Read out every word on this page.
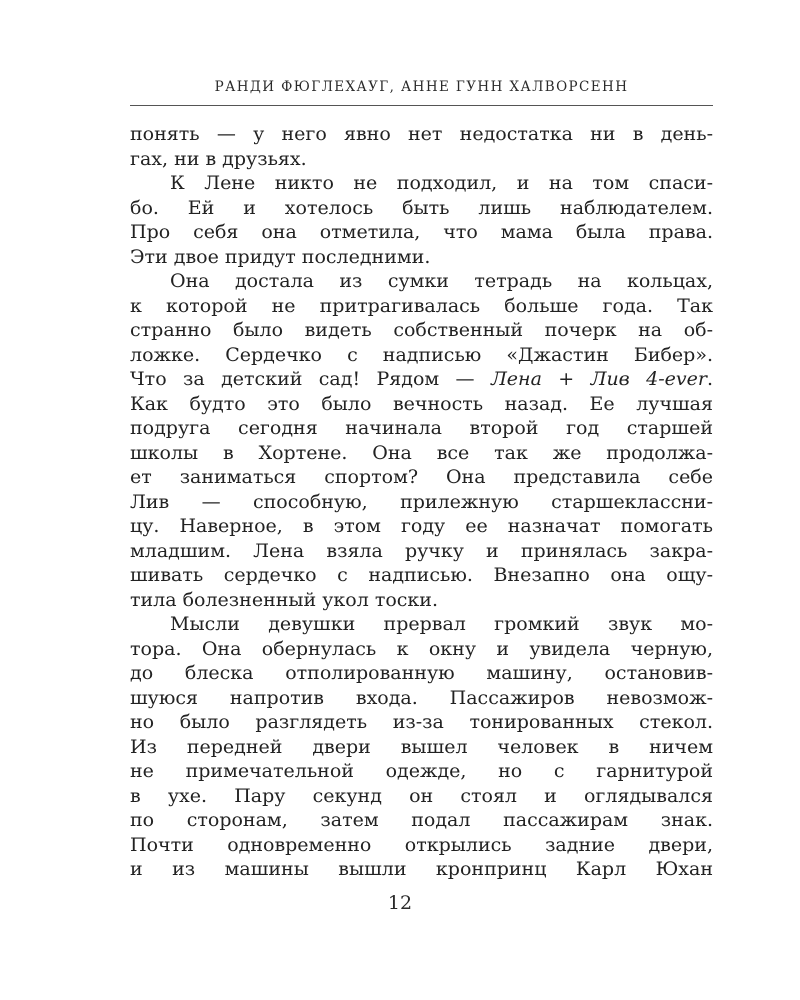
РАНДИ ФЮГЛЕХАУГ, АННЕ ГУНН ХАЛВОРСЕНН
понять — у него явно нет недостатка ни в день-
гах, ни в друзьях.
К Лене никто не подходил, и на том спаси-
бо. Ей и хотелось быть лишь наблюдателем.
Про себя она отметила, что мама была права.
Эти двое придут последними.
Она достала из сумки тетрадь на кольцах,
к которой не притрагивалась больше года. Так
странно было видеть собственный почерк на об-
ложке. Сердечко с надписью «Джастин Бибер».
Что за детский сад! Рядом — Лена + Лив 4-ever.
Как будто это было вечность назад. Ее лучшая
подруга сегодня начинала второй год старшей
школы в Хортене. Она все так же продолжа-
ет заниматься спортом? Она представила себе
Лив — способную, прилежную старшеклассни-
цу. Наверное, в этом году ее назначат помогать
младшим. Лена взяла ручку и принялась закра-
шивать сердечко с надписью. Внезапно она ощу-
тила болезненный укол тоски.
Мысли девушки прервал громкий звук мо-
тора. Она обернулась к окну и увидела черную,
до блеска отполированную машину, остановив-
шуюся напротив входа. Пассажиров невозмож-
но было разглядеть из-за тонированных стекол.
Из передней двери вышел человек в ничем
не примечательной одежде, но с гарнитурой
в ухе. Пару секунд он стоял и оглядывался
по сторонам, затем подал пассажирам знак.
Почти одновременно открылись задние двери,
и из машины вышли кронпринц Карл Юхан
12
